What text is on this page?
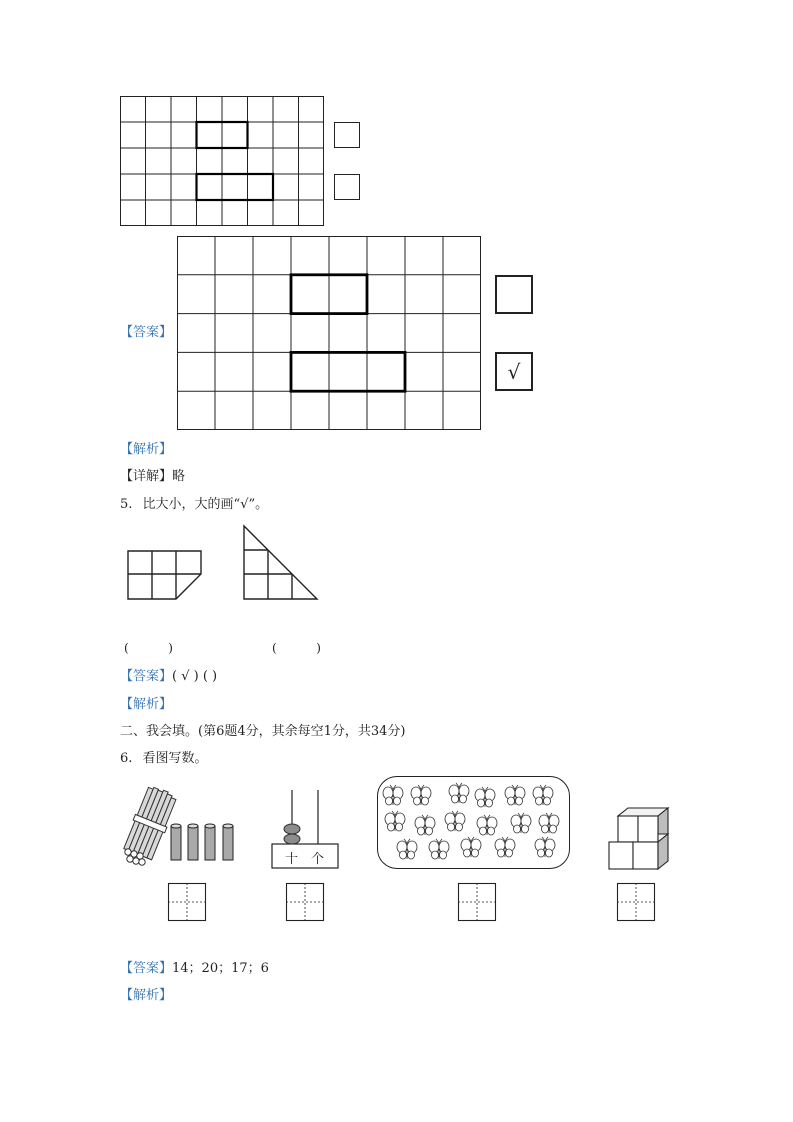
【答案】
√
【解析】
【详解】略
5. 比大小，大的画“√”。
(        )	(        )
【答案】( √ ) ( )
【解析】
二、我会填。(第6题4分，其余每空1分，共34分)
6. 看图写数。
十 个
【答案】14；20；17；6
【解析】
